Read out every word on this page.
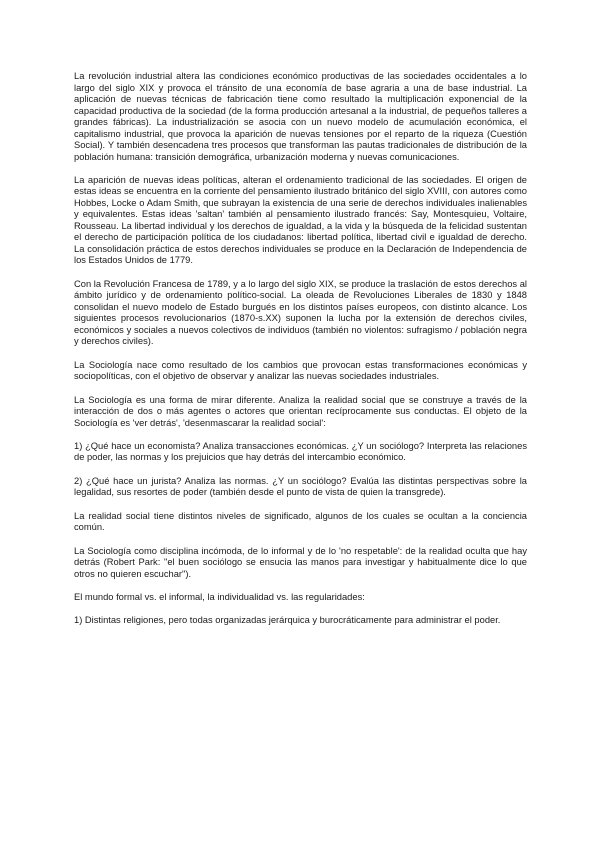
La revolución industrial altera las condiciones económico productivas de las sociedades occidentales a lo largo del siglo XIX y provoca el tránsito de una economía de base agraria a una de base industrial. La aplicación de nuevas técnicas de fabricación tiene como resultado la multiplicación exponencial de la capacidad productiva de la sociedad (de la forma producción artesanal a la industrial, de pequeños talleres a grandes fábricas). La industrialización se asocia con un nuevo modelo de acumulación económica, el capitalismo industrial, que provoca la aparición de nuevas tensiones por el reparto de la riqueza (Cuestión Social). Y también desencadena tres procesos que transforman las pautas tradicionales de distribución de la población humana: transición demográfica, urbanización moderna y nuevas comunicaciones.

La aparición de nuevas ideas políticas, alteran el ordenamiento tradicional de las sociedades. El origen de estas ideas se encuentra en la corriente del pensamiento ilustrado británico del siglo XVIII, con autores como Hobbes, Locke o Adam Smith, que subrayan la existencia de una serie de derechos individuales inalienables y equivalentes. Estas ideas 'saltan' también al pensamiento ilustrado francés: Say, Montesquieu, Voltaire, Rousseau. La libertad individual y los derechos de igualdad, a la vida y la búsqueda de la felicidad sustentan el derecho de participación política de los ciudadanos: libertad política, libertad civil e igualdad de derecho. La consolidación práctica de estos derechos individuales se produce en la Declaración de Independencia de los Estados Unidos de 1779.

Con la Revolución Francesa de 1789, y a lo largo del siglo XIX, se produce la traslación de estos derechos al ámbito jurídico y de ordenamiento político-social. La oleada de Revoluciones Liberales de 1830 y 1848 consolidan el nuevo modelo de Estado burgués en los distintos países europeos, con distinto alcance. Los siguientes procesos revolucionarios (1870-s.XX) suponen la lucha por la extensión de derechos civiles, económicos y sociales a nuevos colectivos de individuos (también no violentos: sufragismo / población negra y derechos civiles).

La Sociología nace como resultado de los cambios que provocan estas transformaciones económicas y sociopolíticas, con el objetivo de observar y analizar las nuevas sociedades industriales.

La Sociología es una forma de mirar diferente. Analiza la realidad social que se construye a través de la interacción de dos o más agentes o actores que orientan recíprocamente sus conductas. El objeto de la Sociología es 'ver detrás', 'desenmascarar la realidad social':

1) ¿Qué hace un economista? Analiza transacciones económicas. ¿Y un sociólogo? Interpreta las relaciones de poder, las normas y los prejuicios que hay detrás del intercambio económico.

2) ¿Qué hace un jurista? Analiza las normas. ¿Y un sociólogo? Evalúa las distintas perspectivas sobre la legalidad, sus resortes de poder (también desde el punto de vista de quien la transgrede).

La realidad social tiene distintos niveles de significado, algunos de los cuales se ocultan a la conciencia común.

La Sociología como disciplina incómoda, de lo informal y de lo 'no respetable': de la realidad oculta que hay detrás (Robert Park: "el buen sociólogo se ensucia las manos para investigar y habitualmente dice lo que otros no quieren escuchar").

El mundo formal vs. el informal, la individualidad vs. las regularidades:

1) Distintas religiones, pero todas organizadas jerárquica y burocráticamente para administrar el poder.
